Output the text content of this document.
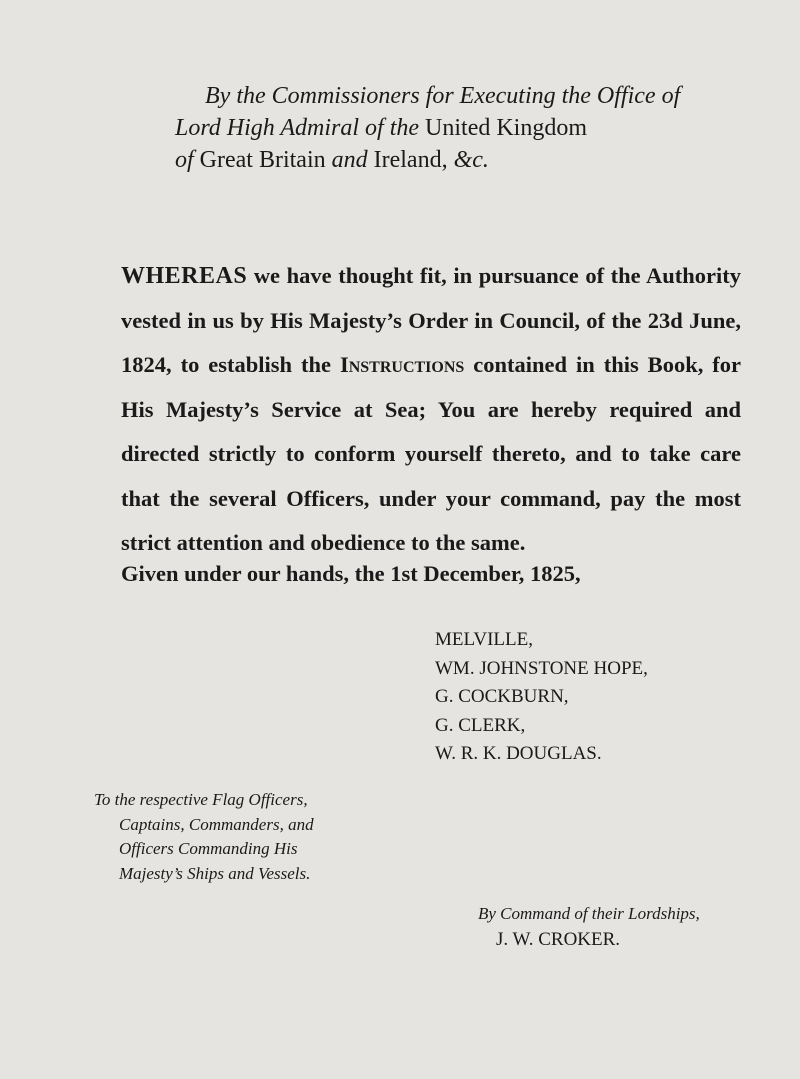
By the Commissioners for Executing the Office of
Lord High Admiral of the United Kingdom
of Great Britain and Ireland, &c.
WHEREAS we have thought fit, in pursuance of the Authority vested in us by His Majesty’s Order in Council, of the 23d June, 1824, to establish the Instructions contained in this Book, for His Majesty’s Service at Sea; You are hereby required and directed strictly to conform yourself thereto, and to take care that the several Officers, under your command, pay the most strict attention and obedience to the same.
Given under our hands, the 1st December, 1825,
MELVILLE,
WM. JOHNSTONE HOPE,
G. COCKBURN,
G. CLERK,
W. R. K. DOUGLAS.
To the respective Flag Officers,
Captains, Commanders, and
Officers Commanding His
Majesty’s Ships and Vessels.
By Command of their Lordships,
J. W. CROKER.
